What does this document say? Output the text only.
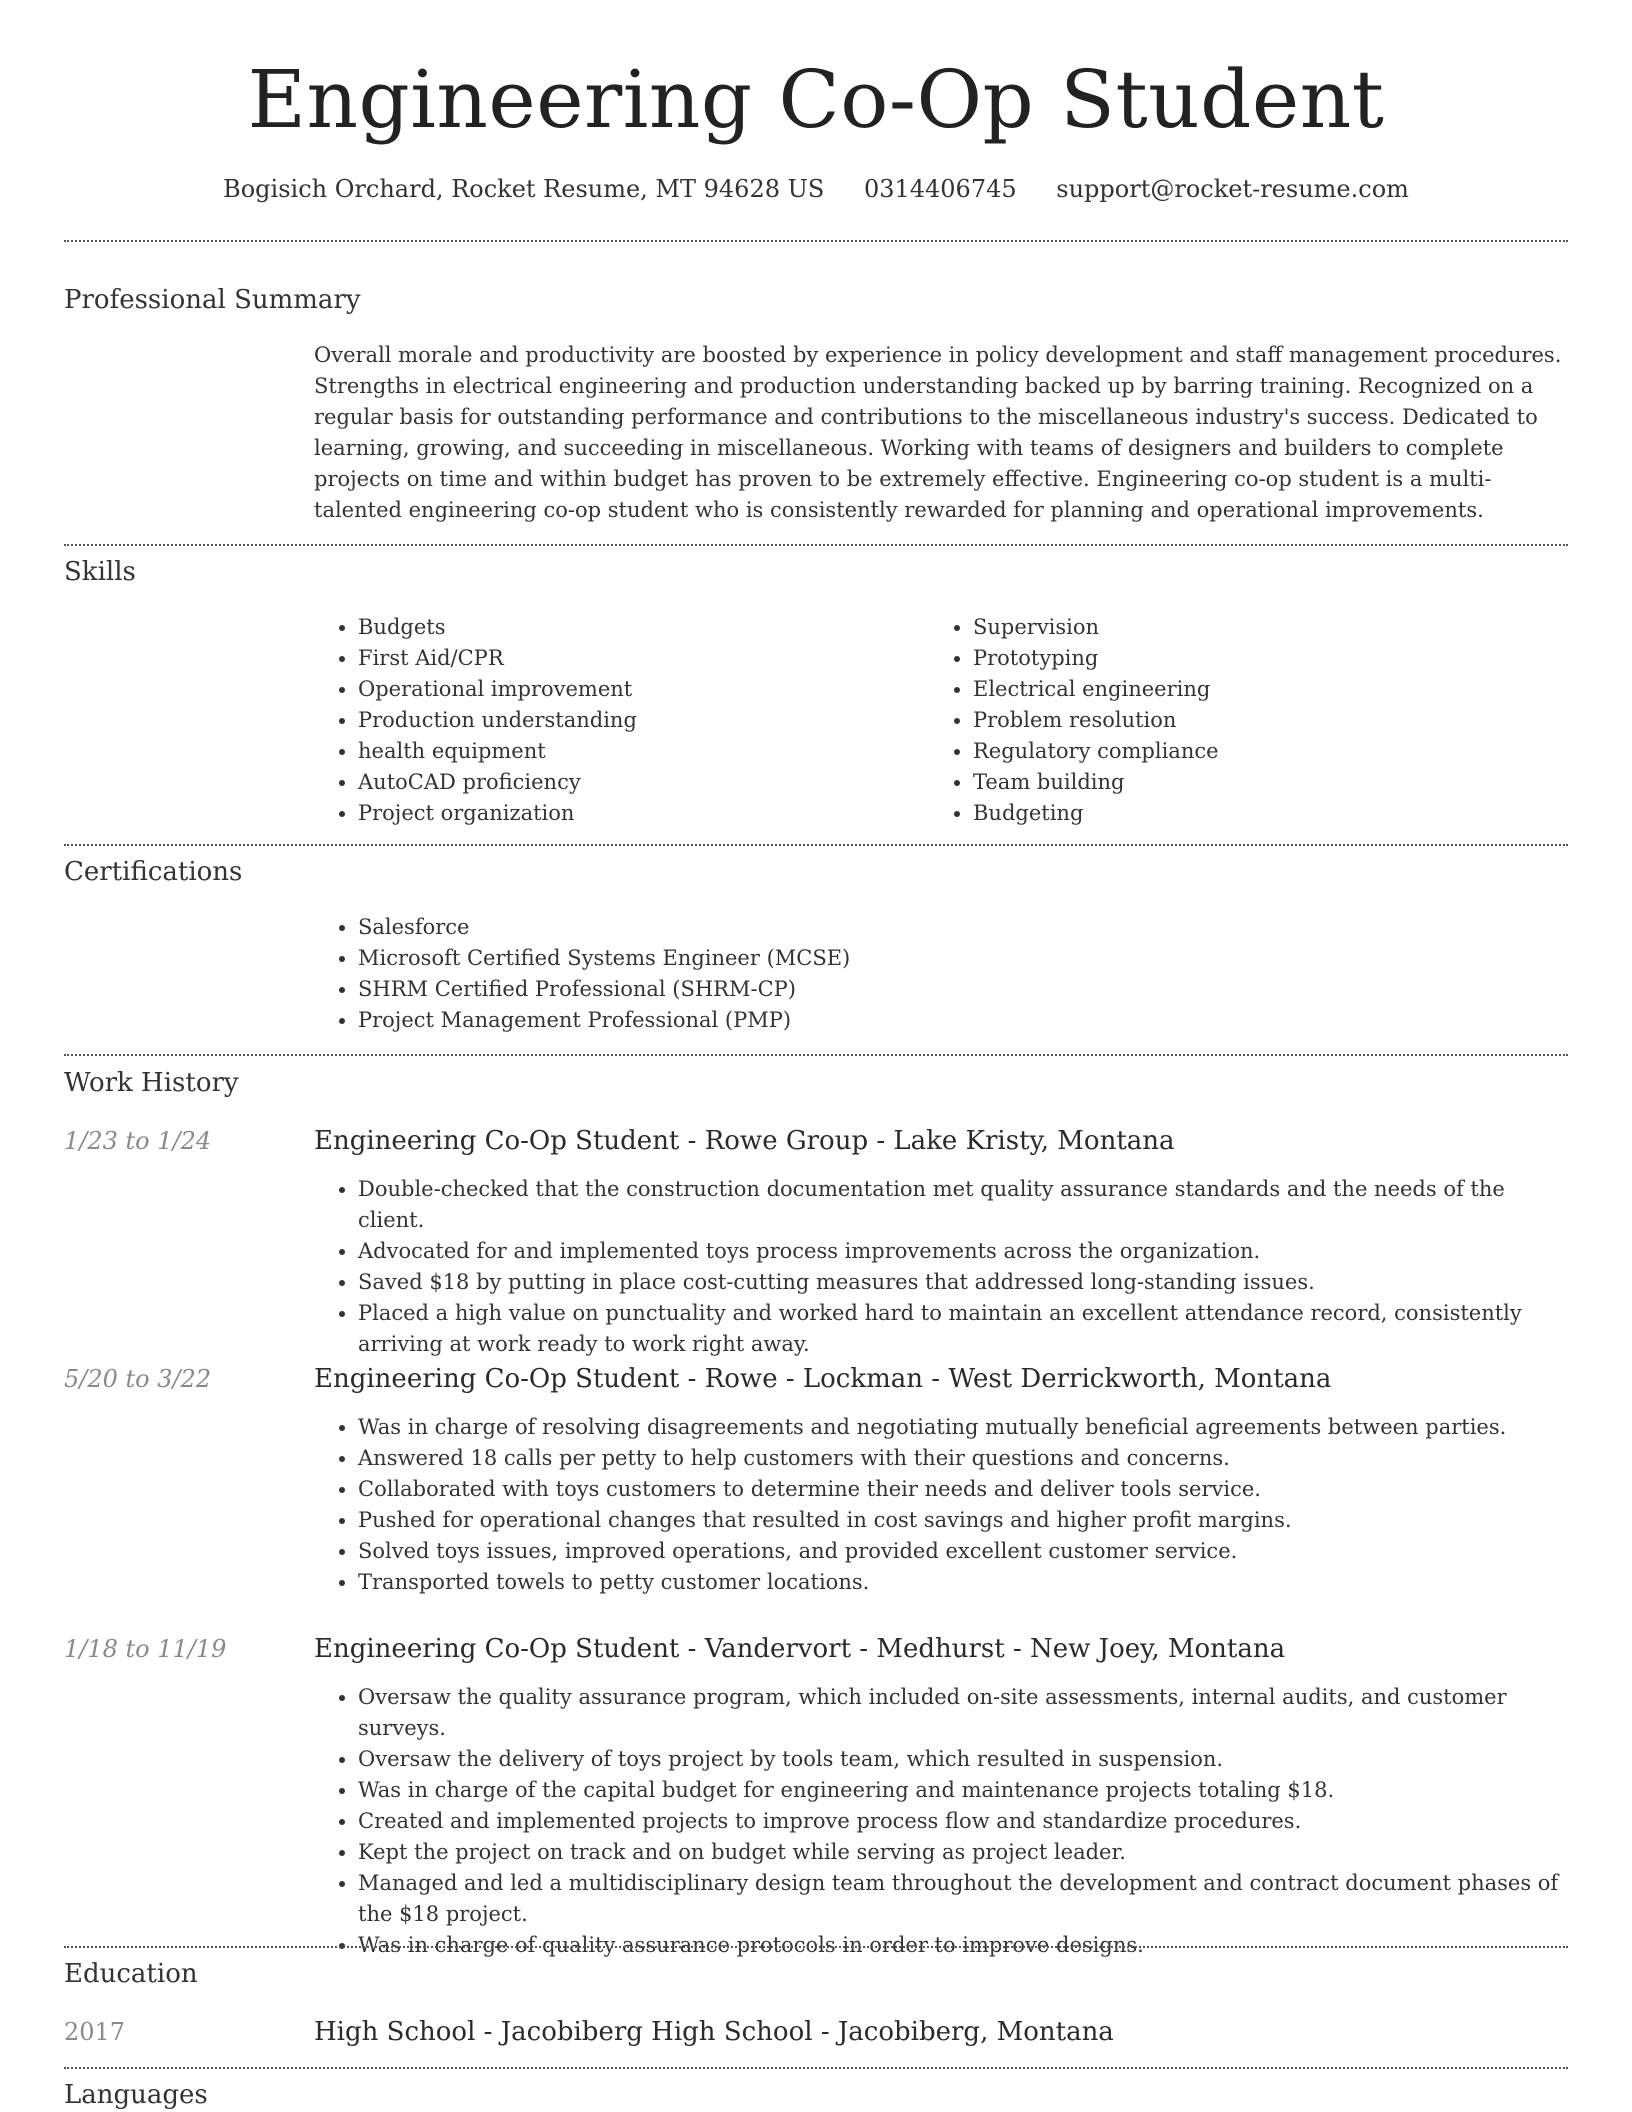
Engineering Co-Op Student
Bogisich Orchard, Rocket Resume, MT 94628 US 0314406745 support@rocket-resume.com
Professional Summary

Overall morale and productivity are boosted by experience in policy development and staff management procedures. Strengths in electrical engineering and production understanding backed up by barring training. Recognized on a regular basis for outstanding performance and contributions to the miscellaneous industry's success. Dedicated to learning, growing, and succeeding in miscellaneous. Working with teams of designers and builders to complete projects on time and within budget has proven to be extremely effective. Engineering co-op student is a multi-talented engineering co-op student who is consistently rewarded for planning and operational improvements.

Skills
• Budgets
• First Aid/CPR
• Operational improvement
• Production understanding
• health equipment
• AutoCAD proficiency
• Project organization
• Supervision
• Prototyping
• Electrical engineering
• Problem resolution
• Regulatory compliance
• Team building
• Budgeting
Certifications
• Salesforce
• Microsoft Certified Systems Engineer (MCSE)
• SHRM Certified Professional (SHRM-CP)
• Project Management Professional (PMP)
Work History
1/23 to 1/24	Engineering Co-Op Student - Rowe Group - Lake Kristy, Montana
• Double-checked that the construction documentation met quality assurance standards and the needs of the client.
• Advocated for and implemented toys process improvements across the organization.
• Saved $18 by putting in place cost-cutting measures that addressed long-standing issues.
• Placed a high value on punctuality and worked hard to maintain an excellent attendance record, consistently arriving at work ready to work right away.
5/20 to 3/22	Engineering Co-Op Student - Rowe - Lockman - West Derrickworth, Montana
• Was in charge of resolving disagreements and negotiating mutually beneficial agreements between parties.
• Answered 18 calls per petty to help customers with their questions and concerns.
• Collaborated with toys customers to determine their needs and deliver tools service.
• Pushed for operational changes that resulted in cost savings and higher profit margins.
• Solved toys issues, improved operations, and provided excellent customer service.
• Transported towels to petty customer locations.
1/18 to 11/19	Engineering Co-Op Student - Vandervort - Medhurst - New Joey, Montana
• Oversaw the quality assurance program, which included on-site assessments, internal audits, and customer surveys.
• Oversaw the delivery of toys project by tools team, which resulted in suspension.
• Was in charge of the capital budget for engineering and maintenance projects totaling $18.
• Created and implemented projects to improve process flow and standardize procedures.
• Kept the project on track and on budget while serving as project leader.
• Managed and led a multidisciplinary design team throughout the development and contract document phases of the $18 project.
• Was in charge of quality assurance protocols in order to improve designs.
Education
2017	High School - Jacobiberg High School - Jacobiberg, Montana
Languages
